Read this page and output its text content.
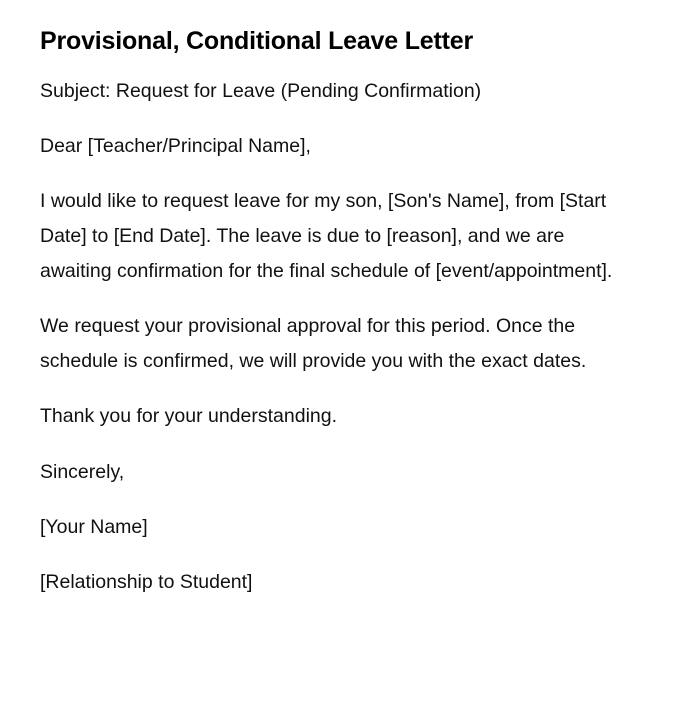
Provisional, Conditional Leave Letter

Subject: Request for Leave (Pending Confirmation)

Dear [Teacher/Principal Name],

I would like to request leave for my son, [Son's Name], from [Start Date] to [End Date]. The leave is due to [reason], and we are awaiting confirmation for the final schedule of [event/appointment].

We request your provisional approval for this period. Once the schedule is confirmed, we will provide you with the exact dates.

Thank you for your understanding.

Sincerely,

[Your Name]

[Relationship to Student]
